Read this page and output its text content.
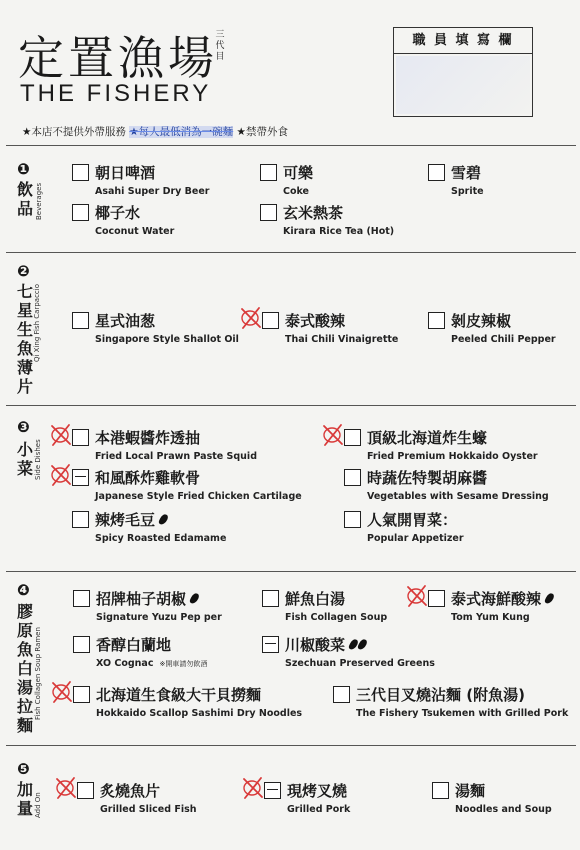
定置漁場
三代目
THE FISHERY
職 員 填 寫 欄
★本店不提供外帶服務 ★每人最低消為一碗麵 ★禁帶外食
❶
飲品 Beverages
❷
七星生魚薄片
Qi Xing Fish Carpaccio
❸
小菜 Side Dishes
❹
膠原魚白湯拉麵
Fish Collagen Soup Ramen
❺
加量 Add On
朝日啤酒
Asahi Super Dry Beer
可樂
Coke
雪碧
Sprite
椰子水
Coconut Water
玄米熱茶
Kirara Rice Tea (Hot)
星式油葱
Singapore Style Shallot Oil
泰式酸辣
Thai Chili Vinaigrette
剝皮辣椒
Peeled Chili Pepper
本港蝦醬炸透抽
Fried Local Prawn Paste Squid
頂級北海道炸生蠔
Fried Premium Hokkaido Oyster
和風酥炸雞軟骨
Japanese Style Fried Chicken Cartilage
時蔬佐特製胡麻醬
Vegetables with Sesame Dressing
辣烤毛豆
Spicy Roasted Edamame
人氣開胃菜：
Popular Appetizer
招牌柚子胡椒
Signature Yuzu Pep per
鮮魚白湯
Fish Collagen Soup
泰式海鮮酸辣
Tom Yum Kung
香醇白蘭地
XO Cognac ※開車請勿飲酒
川椒酸菜
Szechuan Preserved Greens
北海道生食級大干貝撈麵
Hokkaido Scallop Sashimi Dry Noodles
三代目叉燒沾麵 (附魚湯)
The Fishery Tsukemen with Grilled Pork
炙燒魚片
Grilled Sliced Fish
現烤叉燒
Grilled Pork
湯麵
Noodles and Soup
